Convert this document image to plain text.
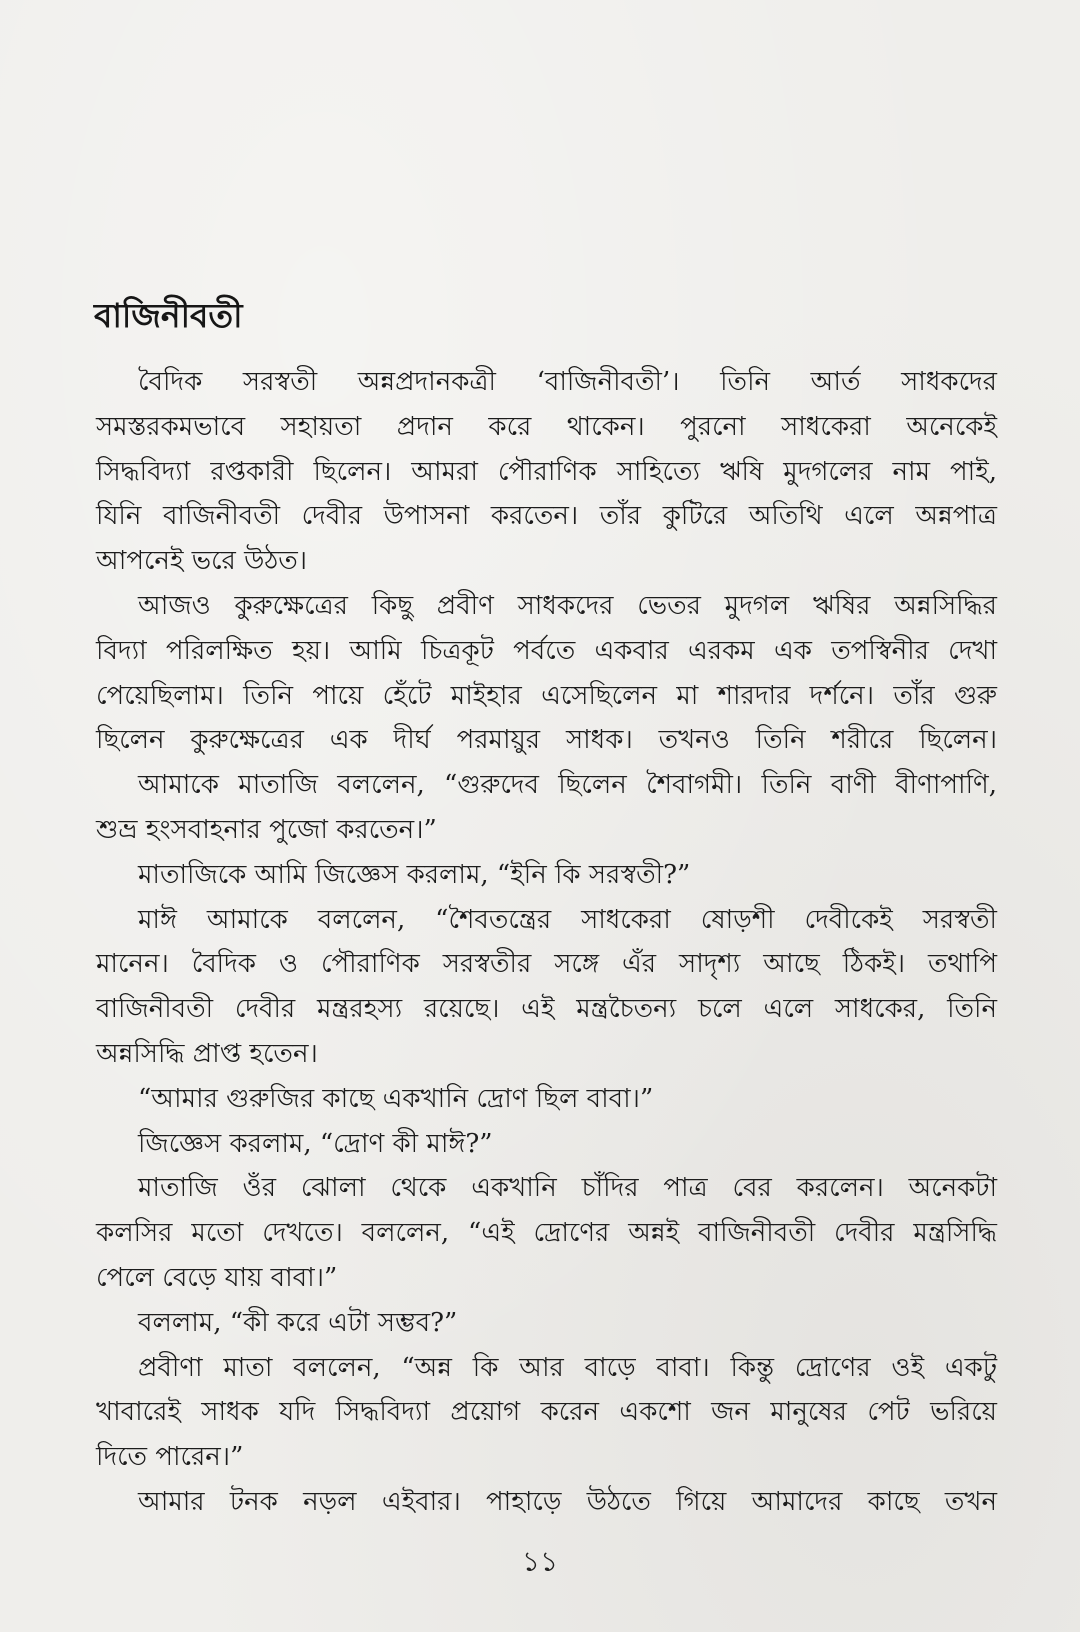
বাজিনীবতী
বৈদিক সরস্বতী অন্নপ্রদানকত্রী ‘বাজিনীবতী’। তিনি আর্ত সাধকদের
সমস্তরকমভাবে সহায়তা প্রদান করে থাকেন। পুরনো সাধকেরা অনেকেই
সিদ্ধবিদ্যা রপ্তকারী ছিলেন। আমরা পৌরাণিক সাহিত্যে ঋষি মুদগলের নাম পাই,
যিনি বাজিনীবতী দেবীর উপাসনা করতেন। তাঁর কুটিরে অতিথি এলে অন্নপাত্র
আপনেই ভরে উঠত।
আজও কুরুক্ষেত্রের কিছু প্রবীণ সাধকদের ভেতর মুদগল ঋষির অন্নসিদ্ধির
বিদ্যা পরিলক্ষিত হয়। আমি চিত্রকূট পর্বতে একবার এরকম এক তপস্বিনীর দেখা
পেয়েছিলাম। তিনি পায়ে হেঁটে মাইহার এসেছিলেন মা শারদার দর্শনে। তাঁর গুরু
ছিলেন কুরুক্ষেত্রের এক দীর্ঘ পরমায়ুর সাধক। তখনও তিনি শরীরে ছিলেন।
আমাকে মাতাজি বললেন, “গুরুদেব ছিলেন শৈবাগমী। তিনি বাণী বীণাপাণি,
শুভ্র হংসবাহনার পুজো করতেন।”
মাতাজিকে আমি জিজ্ঞেস করলাম, “ইনি কি সরস্বতী?”
মাঈ আমাকে বললেন, “শৈবতন্ত্রের সাধকেরা ষোড়শী দেবীকেই সরস্বতী
মানেন। বৈদিক ও পৌরাণিক সরস্বতীর সঙ্গে এঁর সাদৃশ্য আছে ঠিকই। তথাপি
বাজিনীবতী দেবীর মন্ত্ররহস্য রয়েছে। এই মন্ত্রচৈতন্য চলে এলে সাধকের, তিনি
অন্নসিদ্ধি প্রাপ্ত হতেন।
“আমার গুরুজির কাছে একখানি দ্রোণ ছিল বাবা।”
জিজ্ঞেস করলাম, “দ্রোণ কী মাঈ?”
মাতাজি ওঁর ঝোলা থেকে একখানি চাঁদির পাত্র বের করলেন। অনেকটা
কলসির মতো দেখতে। বললেন, “এই দ্রোণের অন্নই বাজিনীবতী দেবীর মন্ত্রসিদ্ধি
পেলে বেড়ে যায় বাবা।”
বললাম, “কী করে এটা সম্ভব?”
প্রবীণা মাতা বললেন, “অন্ন কি আর বাড়ে বাবা। কিন্তু দ্রোণের ওই একটু
খাবারেই সাধক যদি সিদ্ধবিদ্যা প্রয়োগ করেন একশো জন মানুষের পেট ভরিয়ে
দিতে পারেন।”
আমার টনক নড়ল এইবার। পাহাড়ে উঠতে গিয়ে আমাদের কাছে তখন
১১
